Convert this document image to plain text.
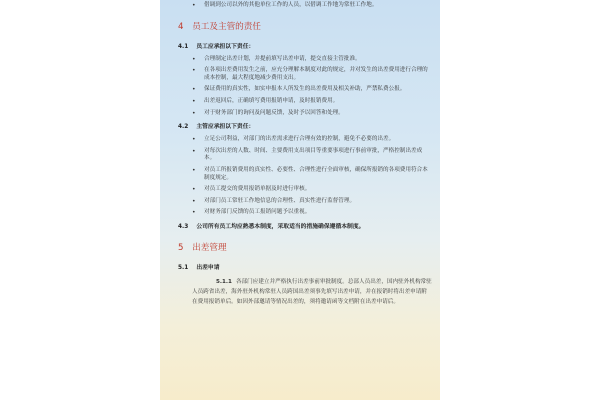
• 借调到公司以外的其他单位工作的人员，以借调工作地为常驻工作地。
4 员工及主管的责任
4.1 员工应承担以下责任：
• 合理制定出差计划，并提前填写出差申请，提交直接主管批准。
• 在各项出差费用发生之前，应充分理解本制度对此的规定，并对发生的出差费用进行合理的成本控制，最大程度地减少费用支出。
• 保证费用的真实性，如实申报本人所发生的出差费用及相关补助，严禁私费公报。
• 出差返回后，正确填写费用报销申请，及时报销费用。
• 对于财务部门的询问及问题反馈，及时予以回答和处理。
4.2 主管应承担以下责任：
• 立足公司利益，对部门的出差需求进行合理有效的控制，避免不必要的出差。
• 对每次出差的人数、时间、主要费用支出项目等重要事项进行事前审批，严格控制出差成本。
• 对员工所报销费用的真实性、必要性、合理性进行全面审核，确保所报销的各项费用符合本制度规定。
• 对员工提交的费用报销单据及时进行审核。
• 对部门员工常驻工作地信息的合理性、真实性进行监督管理。
• 对财务部门反馈的员工报销问题予以重视。
4.3 公司所有员工均应熟悉本制度，采取适当的措施确保遵循本制度。
5 出差管理
5.1 出差申请
5.1.1 各部门应建立并严格执行出差事前审批制度。总部人员出差，国内驻外机构常驻人员跨省出差，海外驻外机构常驻人员跨国出差须事先填写出差申请，并在报销时将出差申请附在费用报销单后。如因外部邀请等情况出差的，须将邀请函等文档附在出差申请后。
